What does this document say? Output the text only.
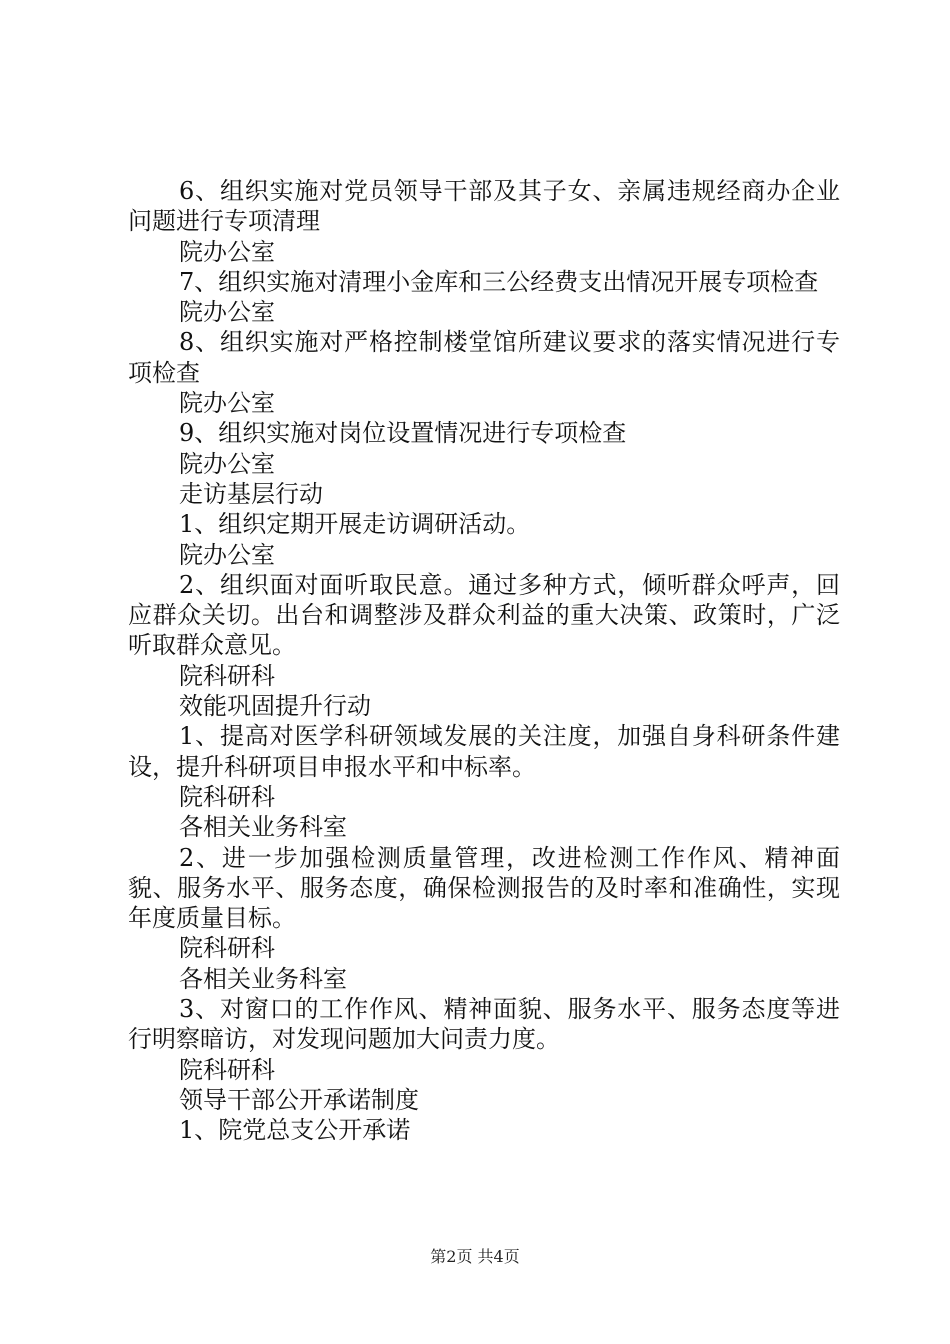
6、组织实施对党员领导干部及其子女、亲属违规经商办企业问题进行专项清理

院办公室

7、组织实施对清理小金库和三公经费支出情况开展专项检查

院办公室

8、组织实施对严格控制楼堂馆所建议要求的落实情况进行专项检查

院办公室

9、组织实施对岗位设置情况进行专项检查

院办公室

走访基层行动

1、组织定期开展走访调研活动。

院办公室

2、组织面对面听取民意。通过多种方式，倾听群众呼声，回应群众关切。出台和调整涉及群众利益的重大决策、政策时，广泛听取群众意见。

院科研科

效能巩固提升行动

1、提高对医学科研领域发展的关注度，加强自身科研条件建设，提升科研项目申报水平和中标率。

院科研科

各相关业务科室

2、进一步加强检测质量管理，改进检测工作作风、精神面貌、服务水平、服务态度，确保检测报告的及时率和准确性，实现年度质量目标。

院科研科

各相关业务科室

3、对窗口的工作作风、精神面貌、服务水平、服务态度等进行明察暗访，对发现问题加大问责力度。

院科研科

领导干部公开承诺制度

1、院党总支公开承诺

第2页 共4页
